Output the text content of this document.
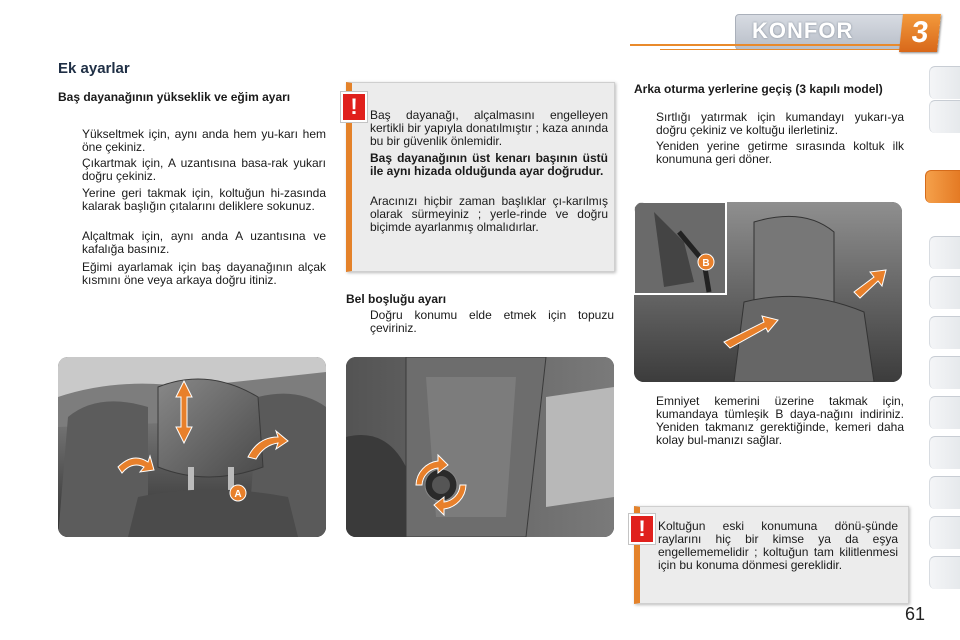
KONFOR	3
Ek ayarlar
Baş dayanağının yükseklik ve eğim ayarı
Yükseltmek için, aynı anda hem yu-karı hem öne çekiniz.
Çıkartmak için, A uzantısına basa-rak yukarı doğru çekiniz.
Yerine geri takmak için, koltuğun hi-zasında kalarak başlığın çıtalarını deliklere sokunuz.
Alçaltmak için, aynı anda A uzantısına ve kafalığa basınız.
Eğimi ayarlamak için baş dayanağının alçak kısmını öne veya arkaya doğru itiniz.
!	Baş dayanağı, alçalmasını engelleyen kertikli bir yapıyla donatılmıştır ; kaza anında bu bir güvenlik önlemidir.
Baş dayanağının üst kenarı başının üstü ile aynı hizada olduğunda ayar doğrudur.
Aracınızı hiçbir zaman başlıklar çı-karılmış olarak sürmeyiniz ; yerle-rinde ve doğru biçimde ayarlanmış olmalıdırlar.
Bel boşluğu ayarı
Doğru konumu elde etmek için topuzu çeviriniz.
Arka oturma yerlerine geçiş (3 kapılı model)
Sırtlığı yatırmak için kumandayı yukarı-ya doğru çekiniz ve koltuğu ilerletiniz.
Yeniden yerine getirme sırasında koltuk ilk konumuna geri döner.
Emniyet kemerini üzerine takmak için, kumandaya tümleşik B daya-nağını indiriniz. Yeniden takmanız gerektiğinde, kemeri daha kolay bul-manızı sağlar.
!	Koltuğun eski konumuna dönü-şünde raylarını hiç bir kimse ya da eşya engellememelidir ; koltuğun tam kilitlenmesi için bu konuma dönmesi gereklidir.
A
B
61
